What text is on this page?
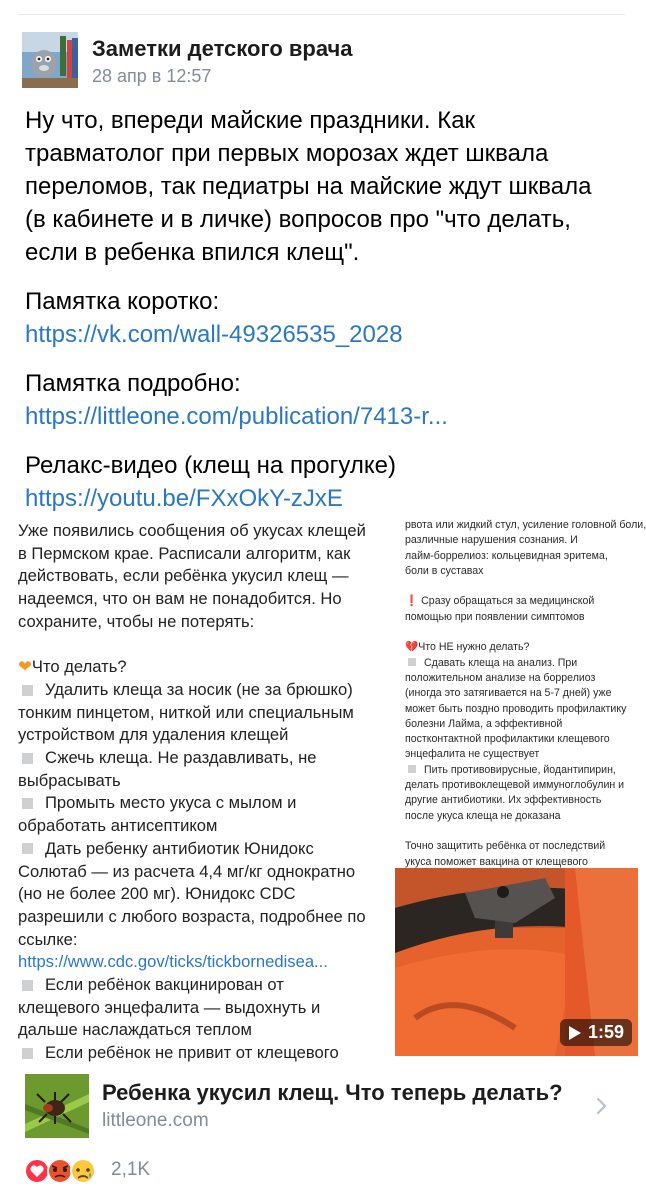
Заметки детского врача
28 апр в 12:57

Ну что, впереди майские праздники. Как
травматолог при первых морозах ждет шквала
переломов, так педиатры на майские ждут шквала
(в кабинете и в личке) вопросов про "что делать,
если в ребенка впился клещ".

Памятка коротко:
https://vk.com/wall-49326535_2028

Памятка подробно:
https://littleone.com/publication/7413-r...

Релакс-видео (клещ на прогулке)
https://youtu.be/FXxOkY-zJxE

Уже появились сообщения об укусах клещей
в Пермском крае. Расписали алгоритм, как
действовать, если ребёнка укусил клещ —
надеемся, что он вам не понадобится. Но
сохраните, чтобы не потерять:

❤Что делать?
Удалить клеща за носик (не за брюшко)
тонким пинцетом, ниткой или специальным
устройством для удаления клещей
Сжечь клеща. Не раздавливать, не
выбрасывать
Промыть место укуса с мылом и
обработать антисептиком
Дать ребенку антибиотик Юнидокс
Солютаб — из расчета 4,4 мг/кг однократно
(но не более 200 мг). Юнидокс CDC
разрешили с любого возраста, подробнее по
ссылке:
https://www.cdc.gov/ticks/tickbornedisea...
Если ребёнок вакцинирован от
клещевого энцефалита — выдохнуть и
дальше наслаждаться теплом
Если ребёнок не привит от клещевого
рвота или жидкий стул, усиление головной боли,
различные нарушения сознания. И
лайм-боррелиоз: кольцевидная эритема,
боли в суставах

❗ Сразу обращаться за медицинской
помощью при появлении симптомов

💔Что НЕ нужно делать?
Сдавать клеща на анализ. При
положительном анализе на боррелиоз
(иногда это затягивается на 5-7 дней) уже
может быть поздно проводить профилактику
болезни Лайма, а эффективной
постконтактной профилактики клещевого
энцефалита не существует
Пить противовирусные, йодантипирин,
делать противоклещевой иммуноглобулин и
другие антибиотики. Их эффективность
после укуса клеща не доказана

Точно защитить ребёнка от последствий
укуса поможет вакцина от клещевого
1:59
Ребенка укусил клещ. Что теперь делать?
littleone.com
2,1K
